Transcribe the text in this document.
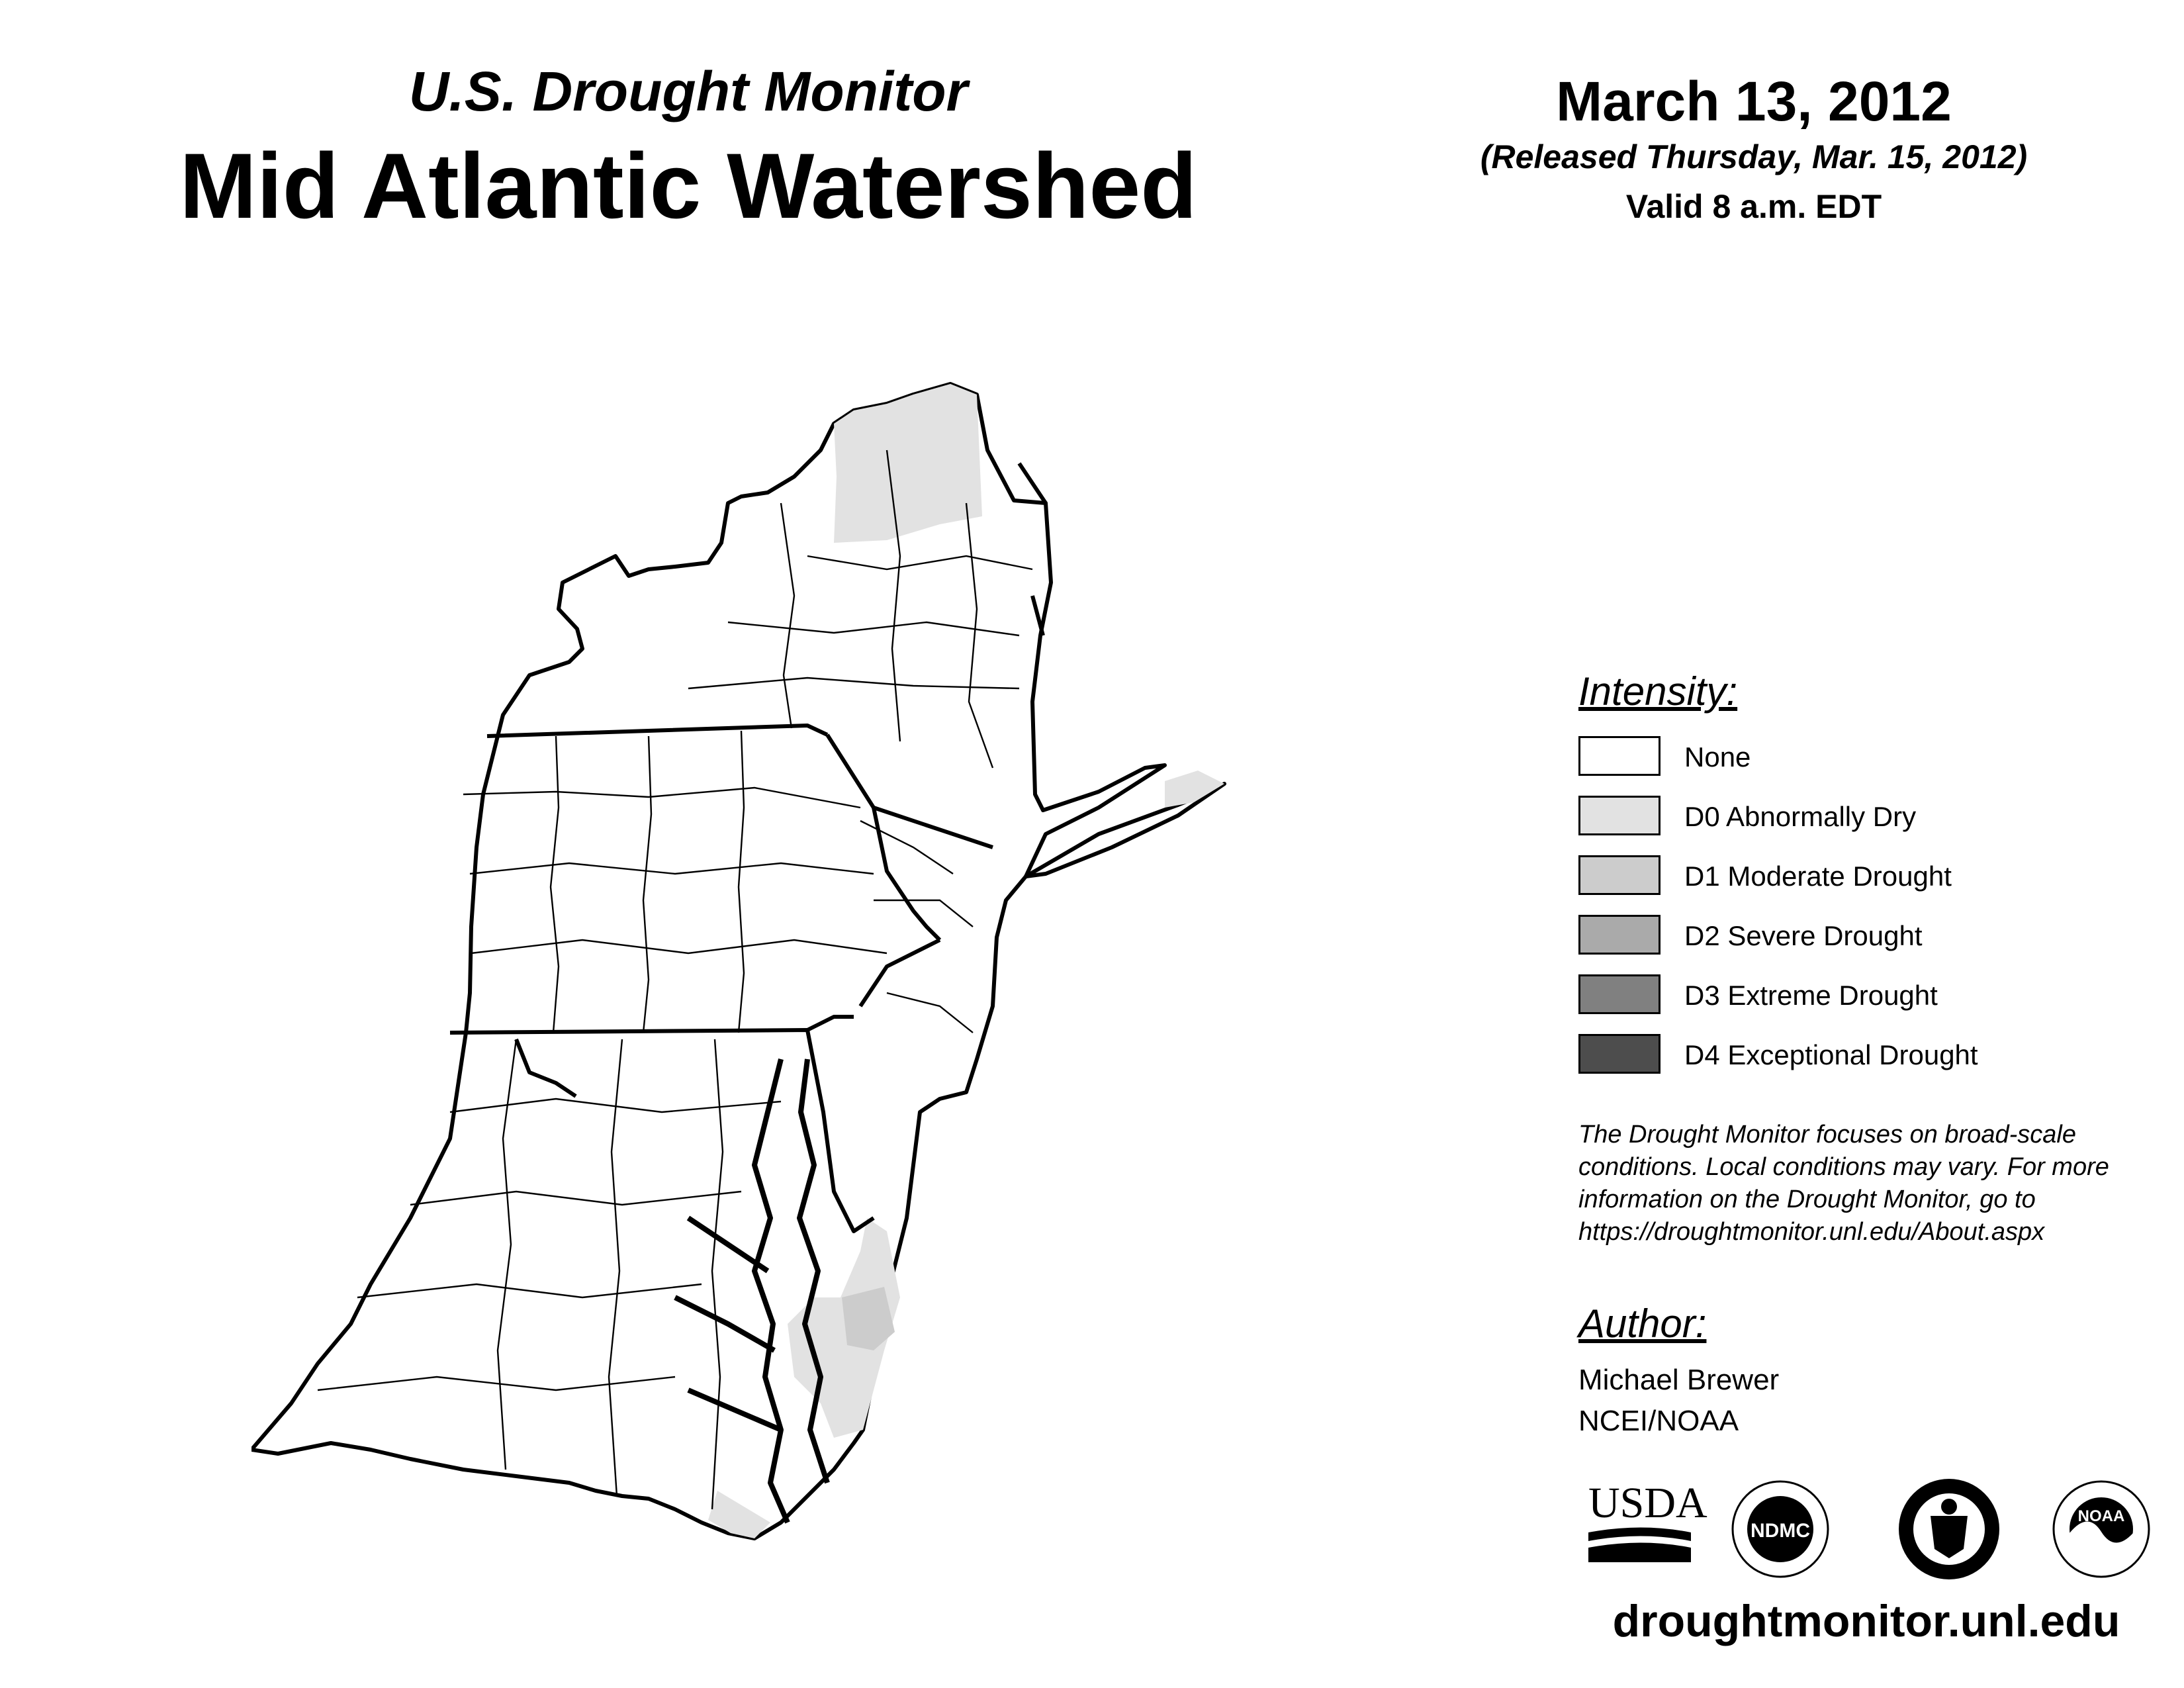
U.S. Drought Monitor
Mid Atlantic Watershed
March 13, 2012
(Released Thursday, Mar. 15, 2012)
Valid 8 a.m. EDT
Intensity:
None
D0 Abnormally Dry
D1 Moderate Drought
D2 Severe Drought
D3 Extreme Drought
D4 Exceptional Drought
The Drought Monitor focuses on broad-scale
conditions. Local conditions may vary. For more
information on the Drought Monitor, go to
https://droughtmonitor.unl.edu/About.aspx
Author:
Michael Brewer
NCEI/NOAA
USDA
NDMC
NOAA
droughtmonitor.unl.edu
